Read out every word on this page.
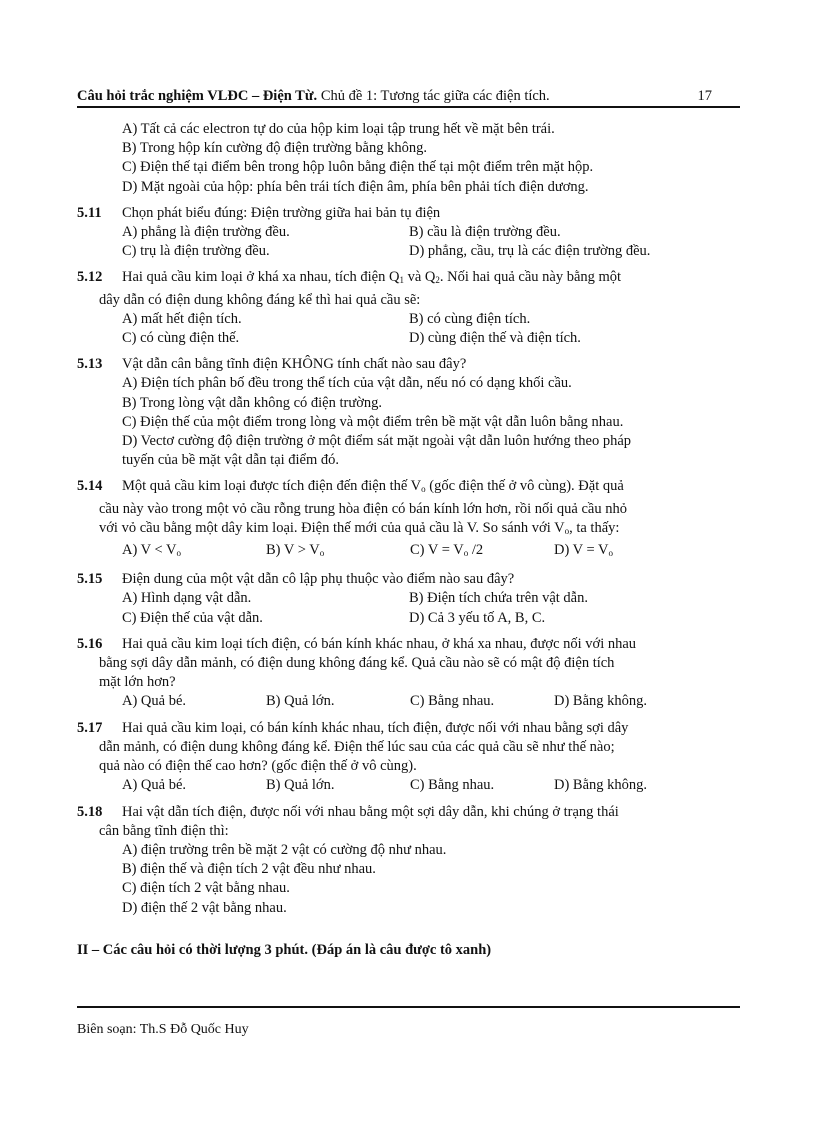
Câu hỏi trắc nghiệm VLĐC – Điện Từ. Chủ đề 1: Tương tác giữa các điện tích.	17
A) Tất cả các electron tự do của hộp kim loại tập trung hết về mặt bên trái.
B) Trong hộp kín cường độ điện trường bằng không.
C) Điện thế tại điểm bên trong hộp luôn bằng điện thế tại một điểm trên mặt hộp.
D) Mặt ngoài của hộp: phía bên trái tích điện âm, phía bên phải tích điện dương.
5.11	Chọn phát biểu đúng: Điện trường giữa hai bản tụ điện
A) phẳng là điện trường đều.	B) cầu là điện trường đều.
C) trụ là điện trường đều.	D) phẳng, cầu, trụ là các điện trường đều.
5.12	Hai quả cầu kim loại ở khá xa nhau, tích điện $Q_1$ và $Q_2$. Nối hai quả cầu này bằng một
dây dẫn có điện dung không đáng kể thì hai quả cầu sẽ:
A) mất hết điện tích.	B) có cùng điện tích.
C) có cùng điện thế.	D) cùng điện thế và điện tích.
5.13	Vật dẫn cân bằng tĩnh điện KHÔNG tính chất nào sau đây?
A) Điện tích phân bố đều trong thể tích của vật dẫn, nếu nó có dạng khối cầu.
B) Trong lòng vật dẫn không có điện trường.
C) Điện thế của một điểm trong lòng và một điểm trên bề mặt vật dẫn luôn bằng nhau.
D) Vectơ cường độ điện trường ở một điểm sát mặt ngoài vật dẫn luôn hướng theo pháp
tuyến của bề mặt vật dẫn tại điểm đó.
5.14	Một quả cầu kim loại được tích điện đến điện thế $V_o$ (gốc điện thế ở vô cùng). Đặt quả
cầu này vào trong một vỏ cầu rỗng trung hòa điện có bán kính lớn hơn, rồi nối quả cầu nhỏ
với vỏ cầu bằng một dây kim loại. Điện thế mới của quả cầu là V. So sánh với $V_o$, ta thấy:
A) $V < V_o$	B) $V > V_o$	C) $V = V_o$ /2	D) $V = V_o$
5.15	Điện dung của một vật dẫn cô lập phụ thuộc vào điểm nào sau đây?
A) Hình dạng vật dẫn.	B) Điện tích chứa trên vật dẫn.
C) Điện thế của vật dẫn.	D) Cả 3 yếu tố A, B, C.
5.16	Hai quả cầu kim loại tích điện, có bán kính khác nhau, ở khá xa nhau, được nối với nhau
bằng sợi dây dẫn mảnh, có điện dung không đáng kể. Quả cầu nào sẽ có mật độ điện tích
mặt lớn hơn?
A) Quả bé.	B) Quả lớn.	C) Bằng nhau.	D) Bằng không.
5.17	Hai quả cầu kim loại, có bán kính khác nhau, tích điện, được nối với nhau bằng sợi dây
dẫn mảnh, có điện dung không đáng kể. Điện thế lúc sau của các quả cầu sẽ như thế nào;
quả nào có điện thế cao hơn? (gốc điện thế ở vô cùng).
A) Quả bé.	B) Quả lớn.	C) Bằng nhau.	D) Bằng không.
5.18	Hai vật dẫn tích điện, được nối với nhau bằng một sợi dây dẫn, khi chúng ở trạng thái
cân bằng tĩnh điện thì:
A) điện trường trên bề mặt 2 vật có cường độ như nhau.
B) điện thế và điện tích 2 vật đều như nhau.
C) điện tích 2 vật bằng nhau.
D) điện thế 2 vật bằng nhau.
II – Các câu hỏi có thời lượng 3 phút. (Đáp án là câu được tô xanh)
Biên soạn: Th.S Đỗ Quốc Huy
